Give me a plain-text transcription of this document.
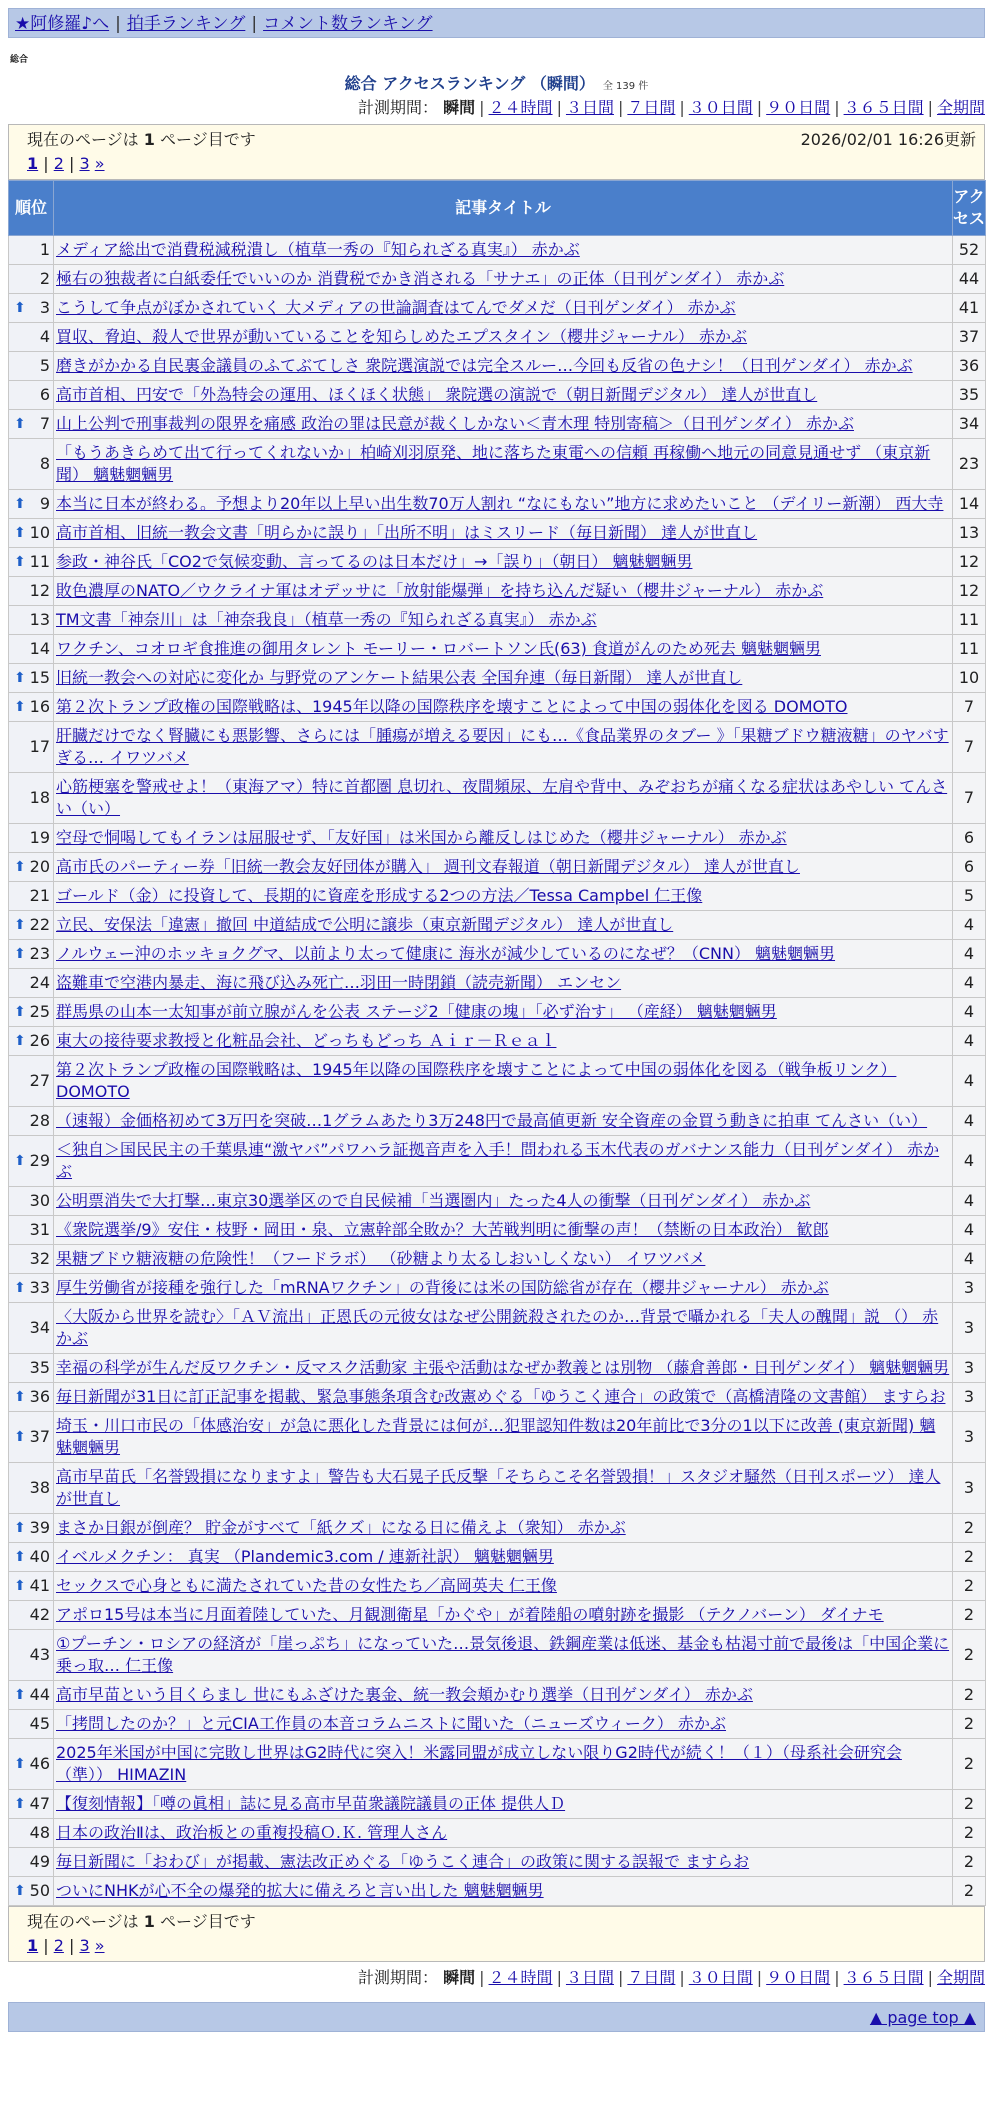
★阿修羅♪へ | 拍手ランキング | コメント数ランキング
総合
総合 アクセスランキング （瞬間） 全 139 件
計測期間： 瞬間 | ２４時間 | ３日間 | ７日間 | ３０日間 | ９０日間 | ３６５日間 | 全期間
現在のページは 1 ページ目です	2026/02/01 16:26更新
1 | 2 | 3 »
順位	記事タイトル	アクセス
1	メディア総出で消費税減税潰し（植草一秀の『知られざる真実』） 赤かぶ	52
2	極右の独裁者に白紙委任でいいのか 消費税でかき消される「サナエ」の正体（日刊ゲンダイ） 赤かぶ	44

⬆ 3	こうして争点がぼかされていく 大メディアの世論調査はてんでダメだ（日刊ゲンダイ） 赤かぶ	41
4	買収、脅迫、殺人で世界が動いていることを知らしめたエプスタイン（櫻井ジャーナル） 赤かぶ	37
5	磨きがかかる自民裏金議員のふてぶてしさ 衆院選演説では完全スルー…今回も反省の色ナシ！（日刊ゲンダイ） 赤かぶ	36
6	高市首相、円安で「外為特会の運用、ほくほく状態」 衆院選の演説で（朝日新聞デジタル） 達人が世直し	35

⬆ 7	山上公判で刑事裁判の限界を痛感 政治の罪は民意が裁くしかない＜青木理 特別寄稿＞（日刊ゲンダイ） 赤かぶ	34
8	「もうあきらめて出て行ってくれないか」柏崎刈羽原発、地に落ちた東電への信頼 再稼働へ地元の同意見通せず （東京新聞） 魑魅魍魎男	23

⬆ 9	本当に日本が終わる。予想より20年以上早い出生数70万人割れ “なにもない”地方に求めたいこと （デイリー新潮） 西大寺	14

⬆ 10	高市首相、旧統一教会文書「明らかに誤り」「出所不明」はミスリード（毎日新聞） 達人が世直し	13

⬆ 11	参政・神谷氏「CO2で気候変動、言ってるのは日本だけ」→「誤り」（朝日） 魑魅魍魎男	12
12	敗色濃厚のNATO／ウクライナ軍はオデッサに「放射能爆弾」を持ち込んだ疑い（櫻井ジャーナル） 赤かぶ	12
13	TM文書「神奈川」は「神奈我良」（植草一秀の『知られざる真実』） 赤かぶ	11
14	ワクチン、コオロギ食推進の御用タレント モーリー・ロバートソン氏(63) 食道がんのため死去 魑魅魍魎男	11

⬆ 15	旧統一教会への対応に変化か 与野党のアンケート結果公表 全国弁連（毎日新聞） 達人が世直し	10

⬆ 16	第２次トランプ政権の国際戦略は、1945年以降の国際秩序を壊すことによって中国の弱体化を図る DOMOTO	7
17	肝臓だけでなく腎臓にも悪影響、さらには「腫瘍が増える要因」にも…《食品業界のタブー 》「果糖ブドウ糖液糖」のヤバすぎる… イワツバメ	7
18	心筋梗塞を警戒せよ！（東海アマ）特に首都圏 息切れ、夜間頻尿、左肩や背中、みぞおちが痛くなる症状はあやしい てんさい（い）	7
19	空母で恫喝してもイランは屈服せず、「友好国」は米国から離反しはじめた（櫻井ジャーナル） 赤かぶ	6

⬆ 20	高市氏のパーティー券「旧統一教会友好団体が購入」 週刊文春報道（朝日新聞デジタル） 達人が世直し	6
21	ゴールド（金）に投資して、長期的に資産を形成する2つの方法／Tessa Campbel 仁王像	5

⬆ 22	立民、安保法「違憲」撤回 中道結成で公明に譲歩（東京新聞デジタル） 達人が世直し	4

⬆ 23	ノルウェー沖のホッキョクグマ、以前より太って健康に 海氷が減少しているのになぜ？（CNN） 魑魅魍魎男	4
24	盗難車で空港内暴走、海に飛び込み死亡…羽田一時閉鎖（読売新聞） エンセン	4

⬆ 25	群馬県の山本一太知事が前立腺がんを公表 ステージ2「健康の塊」「必ず治す」 （産経） 魑魅魍魎男	4

⬆ 26	東大の接待要求教授と化粧品会社、どっちもどっち Ａｉｒ－Ｒｅａｌ	4
27	第２次トランプ政権の国際戦略は、1945年以降の国際秩序を壊すことによって中国の弱体化を図る（戦争板リンク） DOMOTO	4
28	（速報）金価格初めて3万円を突破…1グラムあたり3万248円で最高値更新 安全資産の金買う動きに拍車 てんさい（い）	4

⬆ 29	＜独自＞国民民主の千葉県連“激ヤバ”パワハラ証拠音声を入手！問われる玉木代表のガバナンス能力（日刊ゲンダイ） 赤かぶ	4
30	公明票消失で大打撃…東京30選挙区ので自民候補「当選圏内」たった4人の衝撃（日刊ゲンダイ） 赤かぶ	4
31	《衆院選挙/9》安住・枝野・岡田・泉、立憲幹部全敗か？大苦戦判明に衝撃の声！（禁断の日本政治） 歓郎	4
32	果糖ブドウ糖液糖の危険性！（フードラボ） （砂糖より太るしおいしくない） イワツバメ	4

⬆ 33	厚生労働省が接種を強行した「mRNAワクチン」の背後には米の国防総省が存在（櫻井ジャーナル） 赤かぶ	3
34	〈大阪から世界を読む〉「ＡＶ流出」正恩氏の元彼女はなぜ公開銃殺されたのか…背景で囁かれる「夫人の醜聞」説 （） 赤かぶ	3
35	幸福の科学が生んだ反ワクチン・反マスク活動家 主張や活動はなぜか教義とは別物 （藤倉善郎・日刊ゲンダイ） 魑魅魍魎男	3

⬆ 36	毎日新聞が31日に訂正記事を掲載、緊急事態条項含む改憲めぐる「ゆうこく連合」の政策で（高橋清隆の文書館） ますらお	3

⬆ 37	埼玉・川口市民の「体感治安」が急に悪化した背景には何が…犯罪認知件数は20年前比で3分の1以下に改善 (東京新聞) 魑魅魍魎男	3
38	高市早苗氏「名誉毀損になりますよ」警告も大石晃子氏反撃「そちらこそ名誉毀損！」スタジオ騒然（日刊スポーツ） 達人が世直し	3

⬆ 39	まさか日銀が倒産？ 貯金がすべて「紙クズ」になる日に備えよ（衆知） 赤かぶ	2

⬆ 40	イベルメクチン： 真実 （Plandemic3.com / 連新社訳） 魑魅魍魎男	2

⬆ 41	セックスで心身ともに満たされていた昔の女性たち／高岡英夫 仁王像	2
42	アポロ15号は本当に月面着陸していた、月観測衛星「かぐや」が着陸船の噴射跡を撮影 （テクノバーン） ダイナモ	2
43	①プーチン・ロシアの経済が「崖っぷち」になっていた…景気後退、鉄鋼産業は低迷、基金も枯渇寸前で最後は「中国企業に乗っ取… 仁王像	2

⬆ 44	高市早苗という目くらまし 世にもふざけた裏金、統一教会頬かむり選挙（日刊ゲンダイ） 赤かぶ	2
45	「拷問したのか？」と元CIA工作員の本音コラムニストに聞いた（ニューズウィーク） 赤かぶ	2

⬆ 46	2025年米国が中国に完敗し世界はG2時代に突入！米露同盟が成立しない限りG2時代が続く！（１）（母系社会研究会（準）） HIMAZIN	2

⬆ 47	【復刻情報】「噂の眞相」誌に見る高市早苗衆議院議員の正体 提供人Ｄ	2
48	日本の政治Ⅱは、政治板との重複投稿Ｏ.Ｋ. 管理人さん	2
49	毎日新聞に「おわび」が掲載、憲法改正めぐる「ゆうこく連合」の政策に関する誤報で ますらお	2

⬆ 50	ついにNHKが心不全の爆発的拡大に備えろと言い出した 魑魅魍魎男	2
現在のページは 1 ページ目です
1 | 2 | 3 »
計測期間： 瞬間 | ２４時間 | ３日間 | ７日間 | ３０日間 | ９０日間 | ３６５日間 | 全期間
▲ page top ▲
